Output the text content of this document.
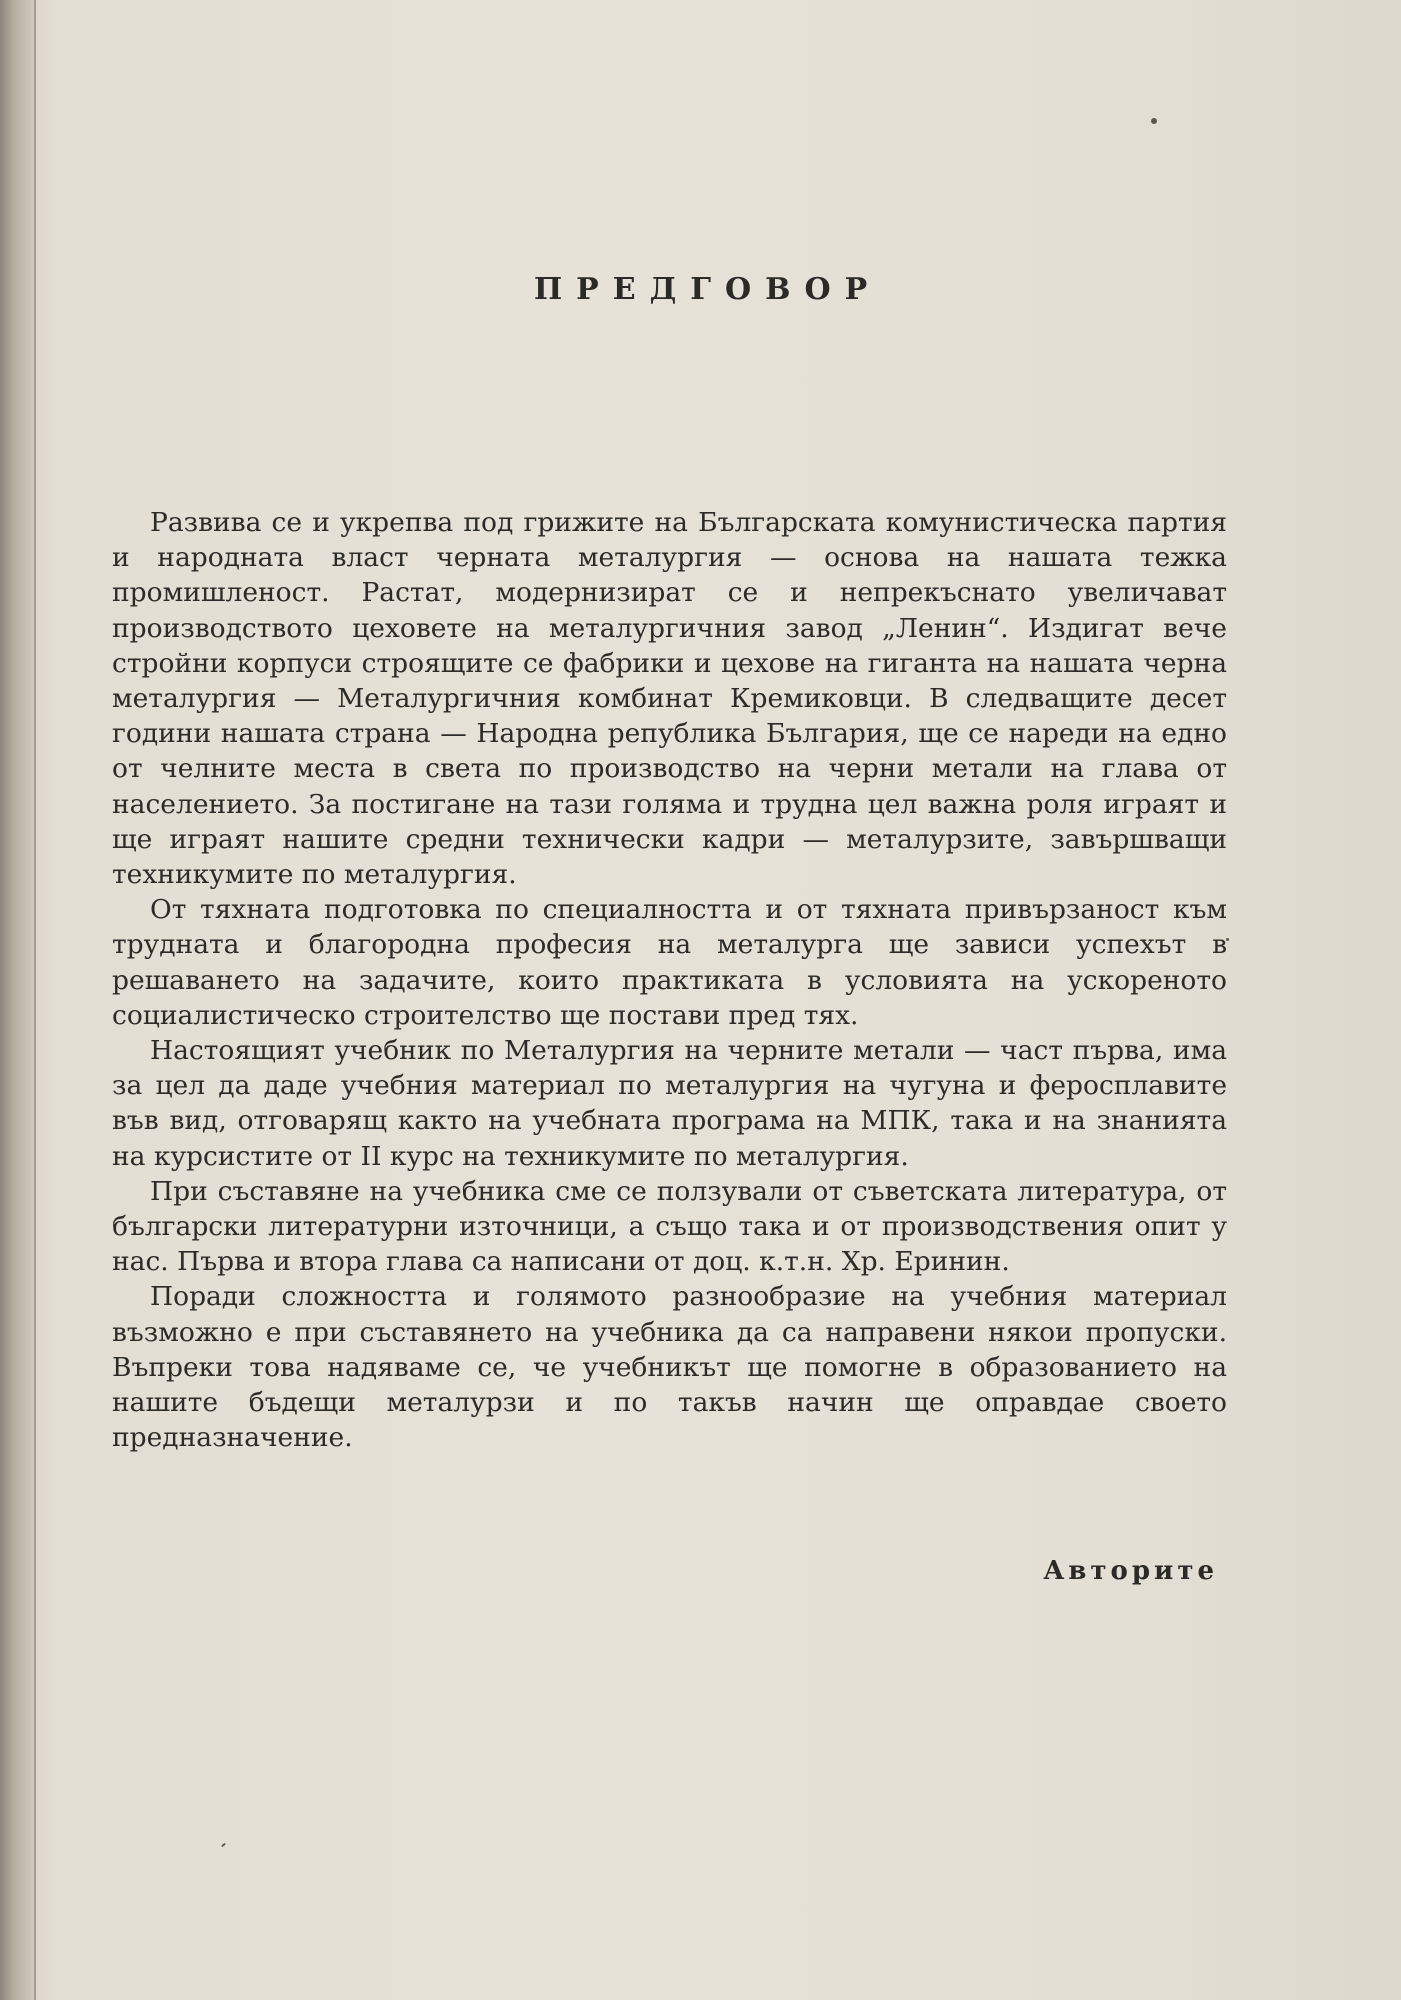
ПРЕДГОВОР

Развива се и укрепва под грижите на Българската комунистическа партия и народната власт черната металургия — основа на нашата тежка промишленост. Растат, модернизират се и непрекъснато увеличават производството цеховете на металургичния завод „Ленин“. Издигат вече стройни корпуси строящите се фабрики и цехове на гиганта на нашата черна металургия — Металургичния комбинат Кремиковци. В следващите десет години нашата страна — Народна република България, ще се нареди на едно от челните места в света по производство на черни метали на глава от населението. За постигане на тази голяма и трудна цел важна роля играят и ще играят нашите средни технически кадри — металурзите, завършващи техникумите по металургия.

От тяхната подготовка по специалността и от тяхната привързаност към трудната и благородна професия на металурга ще зависи успехът в решаването на задачите, които практиката в условията на ускореното социалистическо строителство ще постави пред тях.

Настоящият учебник по Металургия на черните метали — част първа, има за цел да даде учебния материал по металургия на чугуна и феросплавите във вид, отговарящ както на учебната програма на МПК, така и на знанията на курсистите от II курс на техникумите по металургия.

При съставяне на учебника сме се ползували от съветската литература, от български литературни източници, а също така и от производствения опит у нас. Първа и втора глава са написани от доц. к.т.н. Хр. Еринин.

Поради сложността и голямото разнообразие на учебния материал възможно е при съставянето на учебника да са направени някои пропуски. Въпреки това надяваме се, че учебникът ще помогне в образованието на нашите бъдещи металурзи и по такъв начин ще оправдае своето предназначение.

Авторите
